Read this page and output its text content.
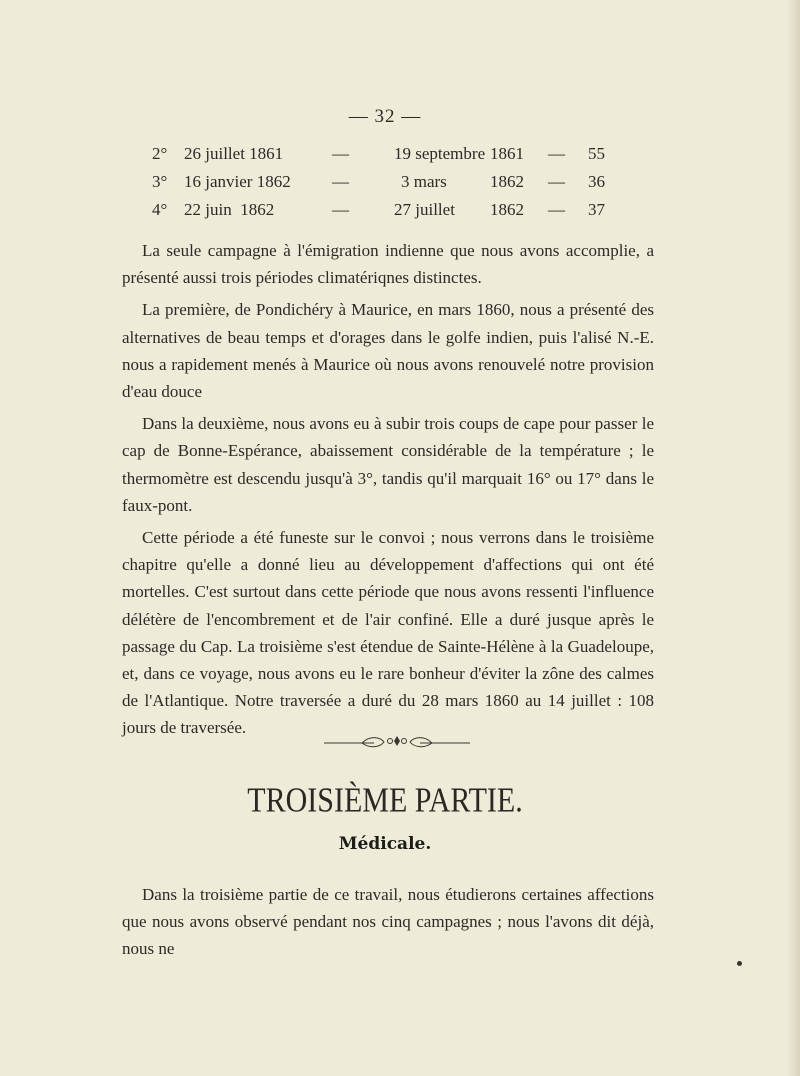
— 32 —
2° 26 juillet 1861	—	19 septembre 1861 — 55
3° 16 janvier 1862 —	3 mars	1862 — 36
4° 22 juin  1862	—	27 juillet 1862 — 37

La seule campagne à l'émigration indienne que nous avons accomplie, a présenté aussi trois périodes climatériqnes distinctes.

La première, de Pondichéry à Maurice, en mars 1860, nous a présenté des alternatives de beau temps et d'orages dans le golfe indien, puis l'alisé N.-E. nous a rapidement menés à Maurice où nous avons renouvelé notre provision d'eau douce

Dans la deuxième, nous avons eu à subir trois coups de cape pour passer le cap de Bonne-Espérance, abaissement considérable de la température ; le thermomètre est descendu jusqu'à 3°, tandis qu'il marquait 16° ou 17° dans le faux-pont.

Cette période a été funeste sur le convoi ; nous verrons dans le troisième chapitre qu'elle a donné lieu au développement d'affections qui ont été mortelles. C'est surtout dans cette période que nous avons ressenti l'influence délétère de l'encombrement et de l'air confiné. Elle a duré jusque après le passage du Cap. La troisième s'est étendue de Sainte-Hélène à la Guadeloupe, et, dans ce voyage, nous avons eu le rare bonheur d'éviter la zône des calmes de l'Atlantique. Notre traversée a duré du 28 mars 1860 au 14 juillet : 108 jours de traversée.

TROISIÈME PARTIE.
Médicale.

Dans la troisième partie de ce travail, nous étudierons certaines affections que nous avons observé pendant nos cinq campagnes ; nous l'avons dit déjà, nous ne
